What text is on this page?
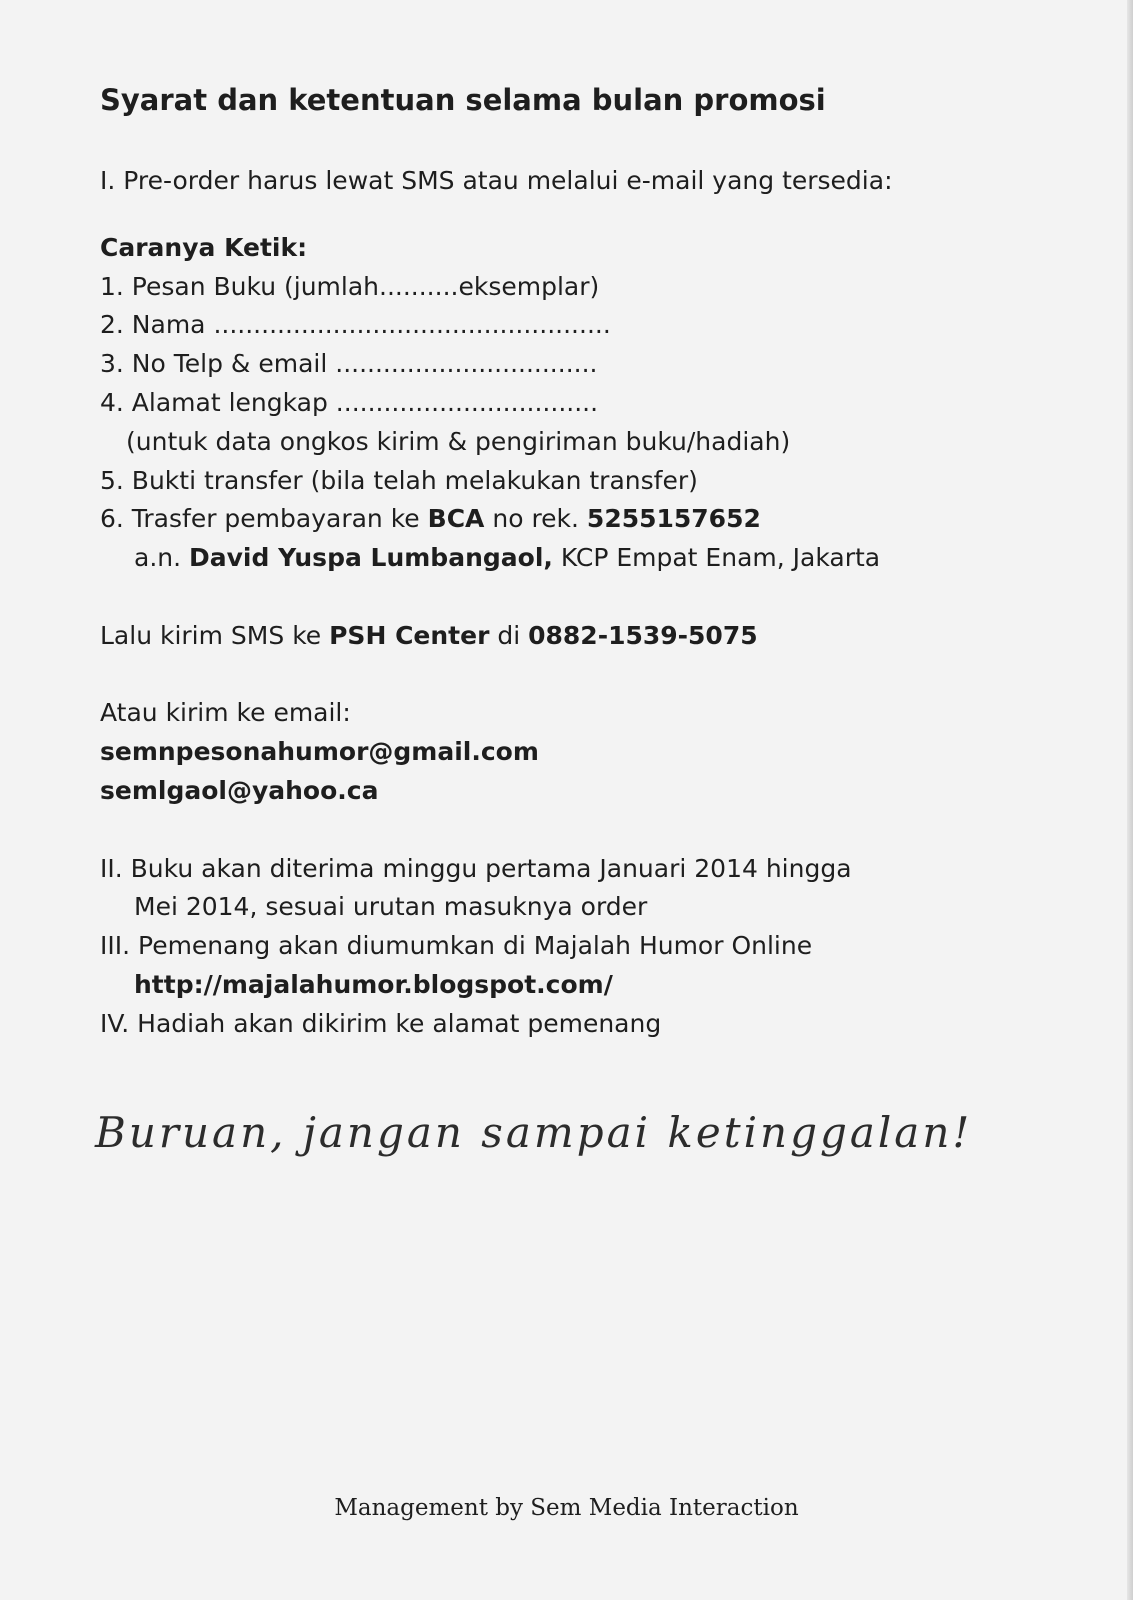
Syarat dan ketentuan selama bulan promosi
I. Pre-order harus lewat SMS atau melalui e-mail yang tersedia:
Caranya Ketik:
1. Pesan Buku (jumlah..........eksemplar)
2. Nama ..................................................
3. No Telp & email .................................
4. Alamat lengkap .................................
(untuk data ongkos kirim & pengiriman buku/hadiah)
5. Bukti transfer (bila telah melakukan transfer)
6. Trasfer pembayaran ke BCA no rek. 5255157652
a.n. David Yuspa Lumbangaol, KCP Empat Enam, Jakarta
Lalu kirim SMS ke PSH Center di 0882-1539-5075
Atau kirim ke email:
semnpesonahumor@gmail.com
semlgaol@yahoo.ca
II. Buku akan diterima minggu pertama Januari 2014 hingga
Mei 2014, sesuai urutan masuknya order
III. Pemenang akan diumumkan di Majalah Humor Online
http://majalahumor.blogspot.com/
IV. Hadiah akan dikirim ke alamat pemenang
Buruan, jangan sampai ketinggalan!
Management by Sem Media Interaction
